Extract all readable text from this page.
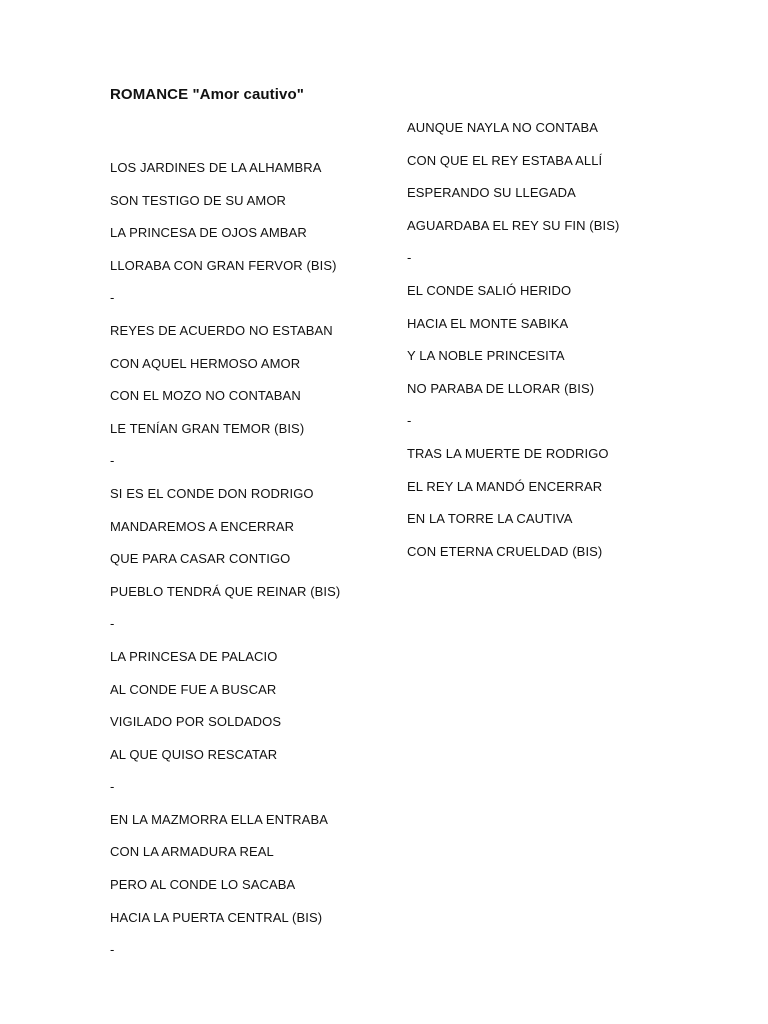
ROMANCE "Amor cautivo"
LOS JARDINES DE LA ALHAMBRA
SON TESTIGO DE SU AMOR
LA PRINCESA DE OJOS AMBAR
LLORABA CON GRAN FERVOR (BIS)
-
REYES DE ACUERDO NO ESTABAN
CON AQUEL HERMOSO AMOR
CON EL MOZO NO CONTABAN
LE TENÍAN GRAN TEMOR (BIS)
-
SI ES EL CONDE DON RODRIGO
MANDAREMOS A ENCERRAR
QUE PARA CASAR CONTIGO
PUEBLO TENDRÁ QUE REINAR (BIS)
-
LA PRINCESA DE PALACIO
AL CONDE FUE A BUSCAR
VIGILADO POR SOLDADOS
AL QUE QUISO RESCATAR
-
EN LA MAZMORRA ELLA ENTRABA
CON LA ARMADURA REAL
PERO AL CONDE LO SACABA
HACIA LA PUERTA CENTRAL (BIS)
-
AUNQUE NAYLA NO CONTABA
CON QUE EL REY ESTABA ALLÍ
ESPERANDO SU LLEGADA
AGUARDABA EL REY SU FIN (BIS)
-
EL CONDE SALIÓ HERIDO
HACIA EL MONTE SABIKA
Y LA NOBLE PRINCESITA
NO PARABA DE LLORAR (BIS)
-
TRAS LA MUERTE DE RODRIGO
EL REY LA MANDÓ ENCERRAR
EN LA TORRE LA CAUTIVA
CON ETERNA CRUELDAD (BIS)
